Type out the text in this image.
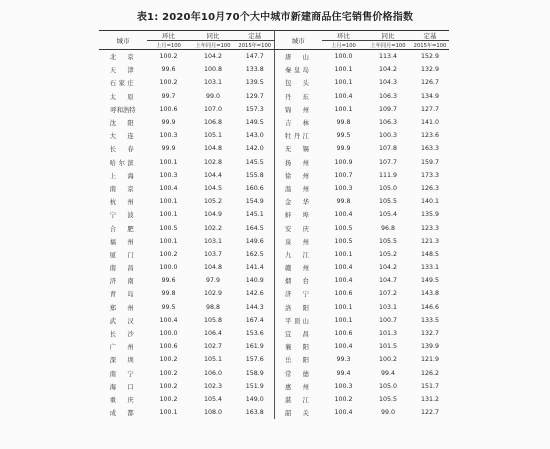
表1: 2020年10月70个大中城市新建商品住宅销售价格指数
城市	环比	同比	定基	城市	环比	同比	定基
	上月=100	上年同月=100	2015年=100		上月=100	上年同月=100	2015年=100
北　京	100.2	104.2	147.7	唐　山	100.0	113.4	152.9
天　津	99.6	100.8	133.8	秦皇岛	100.1	104.2	132.9
石家庄	100.2	103.1	139.5	包　头	100.1	104.3	126.7
太　原	99.7	99.0	129.7	丹　东	100.4	106.3	134.9
呼和浩特	100.6	107.0	157.3	锦　州	100.1	109.7	127.7
沈　阳	99.9	106.8	149.5	吉　林	99.8	106.3	141.0
大　连	100.3	105.1	143.0	牡丹江	99.5	100.3	123.6
长　春	99.9	104.8	142.0	无　锡	99.9	107.8	163.3
哈尔滨	100.1	102.8	145.5	扬　州	100.9	107.7	159.7
上　海	100.3	104.4	155.8	徐　州	100.7	111.9	173.3
南　京	100.4	104.5	160.6	温　州	100.3	105.0	126.3
杭　州	100.1	105.2	154.9	金　华	99.8	105.5	140.1
宁　波	100.1	104.9	145.1	蚌　埠	100.4	105.4	135.9
合　肥	100.5	102.2	164.5	安　庆	100.5	96.8	123.3
福　州	100.1	103.1	149.6	泉　州	100.5	105.5	121.3
厦　门	100.2	103.7	162.5	九　江	100.1	105.2	148.5
南　昌	100.0	104.8	141.4	赣　州	100.4	104.2	133.1
济　南	99.6	97.9	140.9	烟　台	100.4	104.7	149.5
青　岛	99.8	102.9	142.6	济　宁	100.6	107.2	143.8
郑　州	99.5	98.8	144.3	洛　阳	100.1	103.1	146.6
武　汉	100.4	105.8	167.4	平顶山	100.1	100.7	133.5
长　沙	100.0	106.4	153.6	宜　昌	100.6	101.3	132.7
广　州	100.6	102.7	161.9	襄　阳	100.4	101.5	139.9
深　圳	100.2	105.1	157.6	岳　阳	99.3	100.2	121.9
南　宁	100.2	106.0	158.9	常　德	99.4	99.4	126.2
海　口	100.2	102.3	151.9	惠　州	100.3	105.0	151.7
重　庆	100.2	105.4	149.0	湛　江	100.2	105.5	131.2
成　都	100.1	108.0	163.8	韶　关	100.4	99.0	122.7
